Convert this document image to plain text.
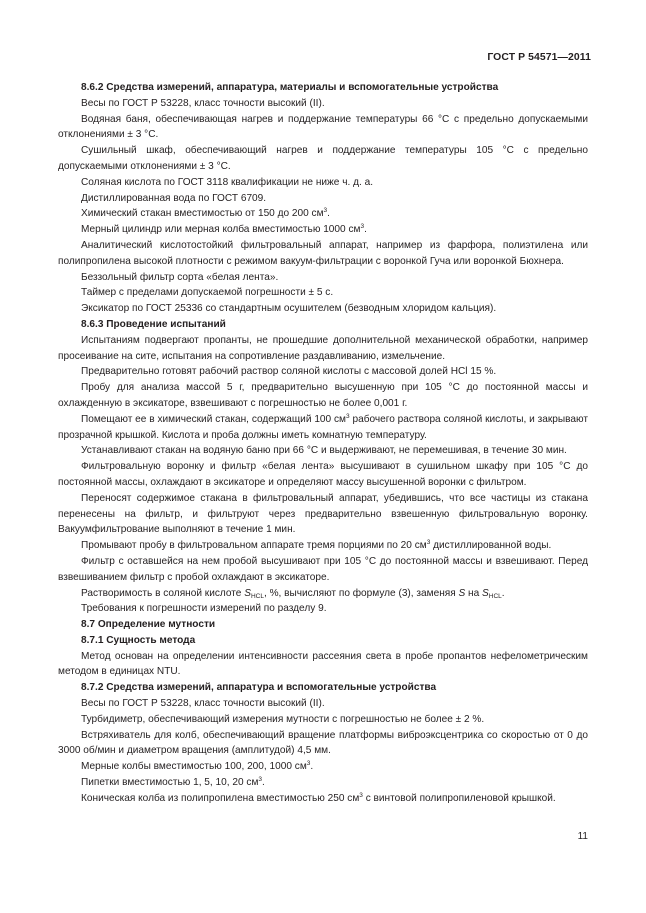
ГОСТ Р 54571—2011

8.6.2 Средства измерений, аппаратура, материалы и вспомогательные устройства

Весы по ГОСТ Р 53228, класс точности высокий (II).

Водяная баня, обеспечивающая нагрев и поддержание температуры 66 °С с предельно допускаемыми отклонениями ± 3 °С.

Сушильный шкаф, обеспечивающий нагрев и поддержание температуры 105 °С с предельно допускаемыми отклонениями ± 3 °С.

Соляная кислота по ГОСТ 3118 квалификации не ниже ч. д. а.

Дистиллированная вода по ГОСТ 6709.

Химический стакан вместимостью от 150 до 200 $см^3$.

Мерный цилиндр или мерная колба вместимостью 1000 $см^3$.

Аналитический кислотостойкий фильтровальный аппарат, например из фарфора, полиэтилена или полипропилена высокой плотности с режимом вакуум-фильтрации с воронкой Гуча или воронкой Бюхнера.

Беззольный фильтр сорта «белая лента».

Таймер с пределами допускаемой погрешности ± 5 с.

Эксикатор по ГОСТ 25336 со стандартным осушителем (безводным хлоридом кальция).

8.6.3 Проведение испытаний

Испытаниям подвергают пропанты, не прошедшие дополнительной механической обработки, например просеивание на сите, испытания на сопротивление раздавливанию, измельчение.

Предварительно готовят рабочий раствор соляной кислоты с массовой долей HCl 15 %.

Пробу для анализа массой 5 г, предварительно высушенную при 105 °С до постоянной массы и охлажденную в эксикаторе, взвешивают с погрешностью не более 0,001 г.

Помещают ее в химический стакан, содержащий 100 $см^3$ рабочего раствора соляной кислоты, и закрывают прозрачной крышкой. Кислота и проба должны иметь комнатную температуру.

Устанавливают стакан на водяную баню при 66 °С и выдерживают, не перемешивая, в течение 30 мин.

Фильтровальную воронку и фильтр «белая лента» высушивают в сушильном шкафу при 105 °С до постоянной массы, охлаждают в эксикаторе и определяют массу высушенной воронки с фильтром.

Переносят содержимое стакана в фильтровальный аппарат, убедившись, что все частицы из стакана перенесены на фильтр, и фильтруют через предварительно взвешенную фильтровальную воронку. Вакуумфильтрование выполняют в течение 1 мин.

Промывают пробу в фильтровальном аппарате тремя порциями по 20 $см^3$ дистиллированной воды.

Фильтр с оставшейся на нем пробой высушивают при 105 °С до постоянной массы и взвешивают. Перед взвешиванием фильтр с пробой охлаждают в эксикаторе.

Растворимость в соляной кислоте $S_{HCL}$, %, вычисляют по формуле (3), заменяя S на $S_{HCL}$.

Требования к погрешности измерений по разделу 9.

8.7 Определение мутности

8.7.1 Сущность метода

Метод основан на определении интенсивности рассеяния света в пробе пропантов нефелометрическим методом в единицах NTU.

8.7.2 Средства измерений, аппаратура и вспомогательные устройства

Весы по ГОСТ Р 53228, класс точности высокий (II).

Турбидиметр, обеспечивающий измерения мутности с погрешностью не более ± 2 %.

Встряхиватель для колб, обеспечивающий вращение платформы виброэксцентрика со скоростью от 0 до 3000 об/мин и диаметром вращения (амплитудой) 4,5 мм.

Мерные колбы вместимостью 100, 200, 1000 $см^3$.

Пипетки вместимостью 1, 5, 10, 20 $см^3$.

Коническая колба из полипропилена вместимостью 250 $см^3$ с винтовой полипропиленовой крышкой.

11
